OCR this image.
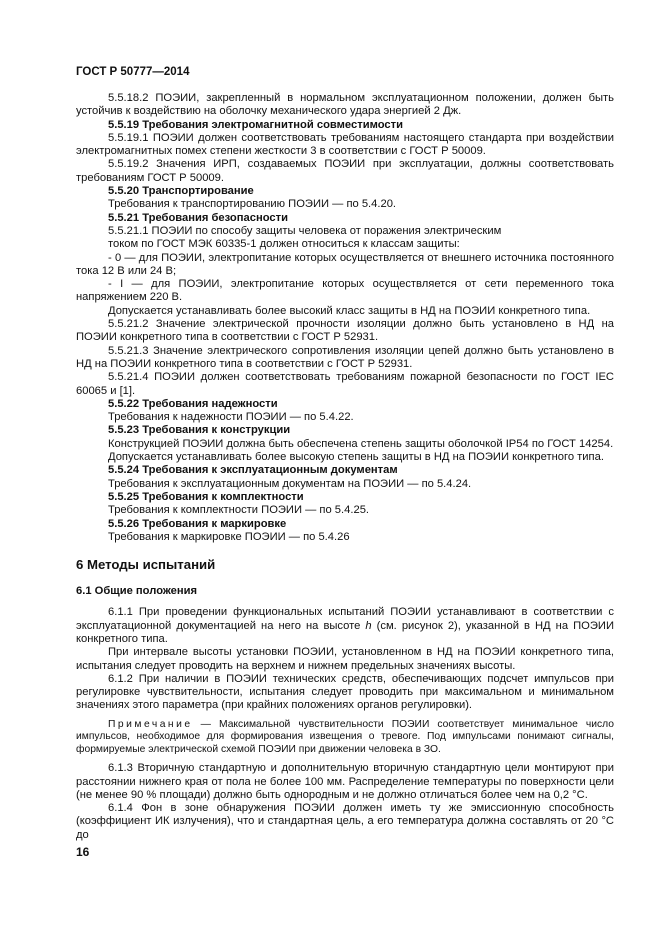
ГОСТ Р 50777—2014

5.5.18.2 ПОЭИИ, закрепленный в нормальном эксплуатационном положении, должен быть устойчив к воздействию на оболочку механического удара энергией 2 Дж.

5.5.19 Требования электромагнитной совместимости

5.5.19.1 ПОЭИИ должен соответствовать требованиям настоящего стандарта при воздействии электромагнитных помех степени жесткости 3 в соответствии с ГОСТ Р 50009.

5.5.19.2 Значения ИРП, создаваемых ПОЭИИ при эксплуатации, должны соответствовать требованиям ГОСТ Р 50009.

5.5.20 Транспортирование

Требования к транспортированию ПОЭИИ — по 5.4.20.

5.5.21 Требования безопасности

5.5.21.1 ПОЭИИ по способу защиты человека от поражения электрическим

током по ГОСТ МЭК 60335-1 должен относиться к классам защиты:

- 0 — для ПОЭИИ, электропитание которых осуществляется от внешнего источника постоянного тока 12 В или 24 В;

- I — для ПОЭИИ, электропитание которых осуществляется от сети переменного тока напряжением 220 В.

Допускается устанавливать более высокий класс защиты в НД на ПОЭИИ конкретного типа.

5.5.21.2 Значение электрической прочности изоляции должно быть установлено в НД на ПОЭИИ конкретного типа в соответствии с ГОСТ Р 52931.

5.5.21.3 Значение электрического сопротивления изоляции цепей должно быть установлено в НД на ПОЭИИ конкретного типа в соответствии с ГОСТ Р 52931.

5.5.21.4 ПОЭИИ должен соответствовать требованиям пожарной безопасности по ГОСТ IEC 60065 и [1].

5.5.22 Требования надежности

Требования к надежности ПОЭИИ — по 5.4.22.

5.5.23 Требования к конструкции

Конструкцией ПОЭИИ должна быть обеспечена степень защиты оболочкой IP54 по ГОСТ 14254.

Допускается устанавливать более высокую степень защиты в НД на ПОЭИИ конкретного типа.

5.5.24 Требования к эксплуатационным документам

Требования к эксплуатационным документам на ПОЭИИ — по 5.4.24.

5.5.25 Требования к комплектности

Требования к комплектности ПОЭИИ — по 5.4.25.

5.5.26 Требования к маркировке

Требования к маркировке ПОЭИИ — по 5.4.26

6 Методы испытаний

6.1 Общие положения

6.1.1 При проведении функциональных испытаний ПОЭИИ устанавливают в соответствии с эксплуатационной документацией на него на высоте h (см. рисунок 2), указанной в НД на ПОЭИИ конкретного типа.

При интервале высоты установки ПОЭИИ, установленном в НД на ПОЭИИ конкретного типа, испытания следует проводить на верхнем и нижнем предельных значениях высоты.

6.1.2 При наличии в ПОЭИИ технических средств, обеспечивающих подсчет импульсов при регулировке чувствительности, испытания следует проводить при максимальном и минимальном значениях этого параметра (при крайних положениях органов регулировки).

Примечание — Максимальной чувствительности ПОЭИИ соответствует минимальное число импульсов, необходимое для формирования извещения о тревоге. Под импульсами понимают сигналы, формируемые электрической схемой ПОЭИИ при движении человека в ЗО.

6.1.3 Вторичную стандартную и дополнительную вторичную стандартную цели монтируют при расстоянии нижнего края от пола не более 100 мм. Распределение температуры по поверхности цели (не менее 90 % площади) должно быть однородным и не должно отличаться более чем на 0,2 °С.

6.1.4 Фон в зоне обнаружения ПОЭИИ должен иметь ту же эмиссионную способность (коэффициент ИК излучения), что и стандартная цель, а его температура должна составлять от 20 °С до

16
